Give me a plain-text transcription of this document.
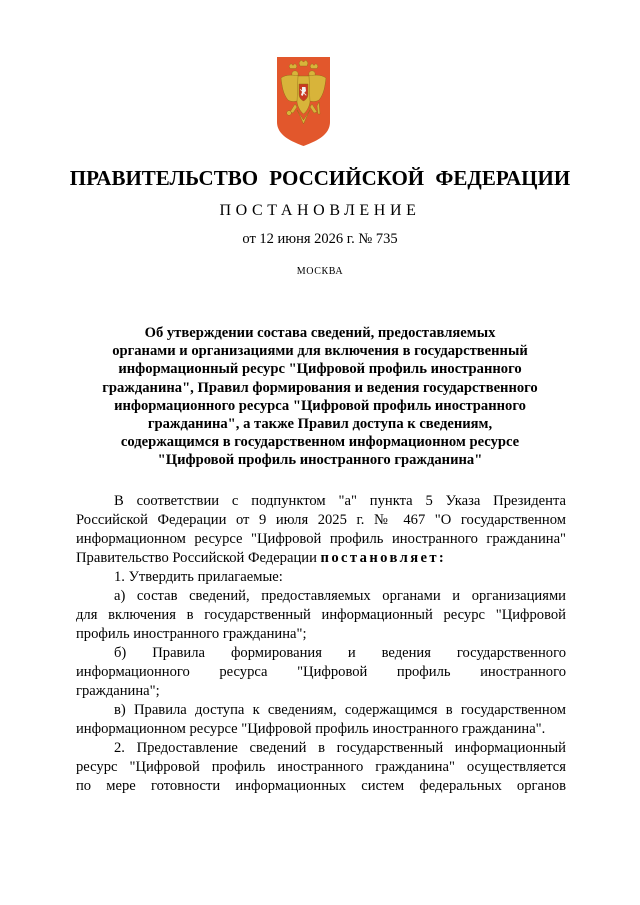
ПРАВИТЕЛЬСТВО РОССИЙСКОЙ ФЕДЕРАЦИИ
ПОСТАНОВЛЕНИЕ
от 12 июня 2026 г. № 735
МОСКВА
Об утверждении состава сведений, предоставляемых
органами и организациями для включения в государственный
информационный ресурс "Цифровой профиль иностранного
гражданина", Правил формирования и ведения государственного
информационного ресурса "Цифровой профиль иностранного
гражданина", а также Правил доступа к сведениям,
содержащимся в государственном информационном ресурсе
"Цифровой профиль иностранного гражданина"
В соответствии с подпунктом "а" пункта 5 Указа Президента
Российской Федерации от 9 июля 2025 г. № 467 "О государственном
информационном ресурсе "Цифровой профиль иностранного гражданина"
Правительство Российской Федерации постановляет:
1. Утвердить прилагаемые:
а) состав сведений, предоставляемых органами и организациями
для включения в государственный информационный ресурс "Цифровой
профиль иностранного гражданина";
б) Правила формирования и ведения государственного
информационного ресурса "Цифровой профиль иностранного
гражданина";
в) Правила доступа к сведениям, содержащимся в государственном
информационном ресурсе "Цифровой профиль иностранного гражданина".
2. Предоставление сведений в государственный информационный
ресурс "Цифровой профиль иностранного гражданина" осуществляется
по мере готовности информационных систем федеральных органов
